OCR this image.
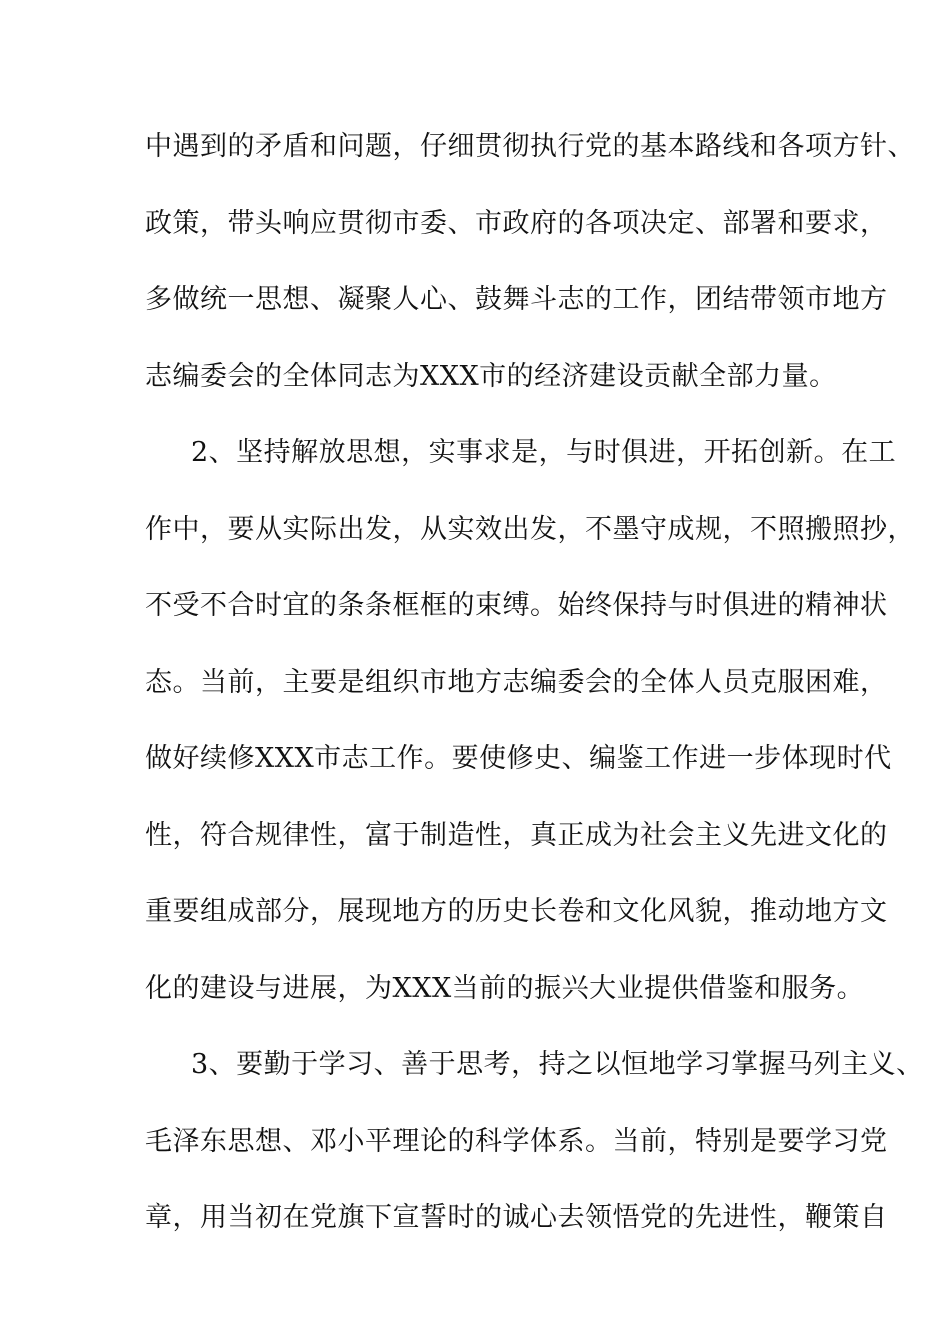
中遇到的矛盾和问题，仔细贯彻执行党的基本路线和各项方针、
政策，带头响应贯彻市委、市政府的各项决定、部署和要求，
多做统一思想、凝聚人心、鼓舞斗志的工作，团结带领市地方
志编委会的全体同志为XXX市的经济建设贡献全部力量。
2、坚持解放思想，实事求是，与时俱进，开拓创新。在工
作中，要从实际出发，从实效出发，不墨守成规，不照搬照抄，
不受不合时宜的条条框框的束缚。始终保持与时俱进的精神状
态。当前，主要是组织市地方志编委会的全体人员克服困难，
做好续修XXX市志工作。要使修史、编鉴工作进一步体现时代
性，符合规律性，富于制造性，真正成为社会主义先进文化的
重要组成部分，展现地方的历史长卷和文化风貌，推动地方文
化的建设与进展，为XXX当前的振兴大业提供借鉴和服务。
3、要勤于学习、善于思考，持之以恒地学习掌握马列主义、
毛泽东思想、邓小平理论的科学体系。当前，特别是要学习党
章，用当初在党旗下宣誓时的诚心去领悟党的先进性，鞭策自
